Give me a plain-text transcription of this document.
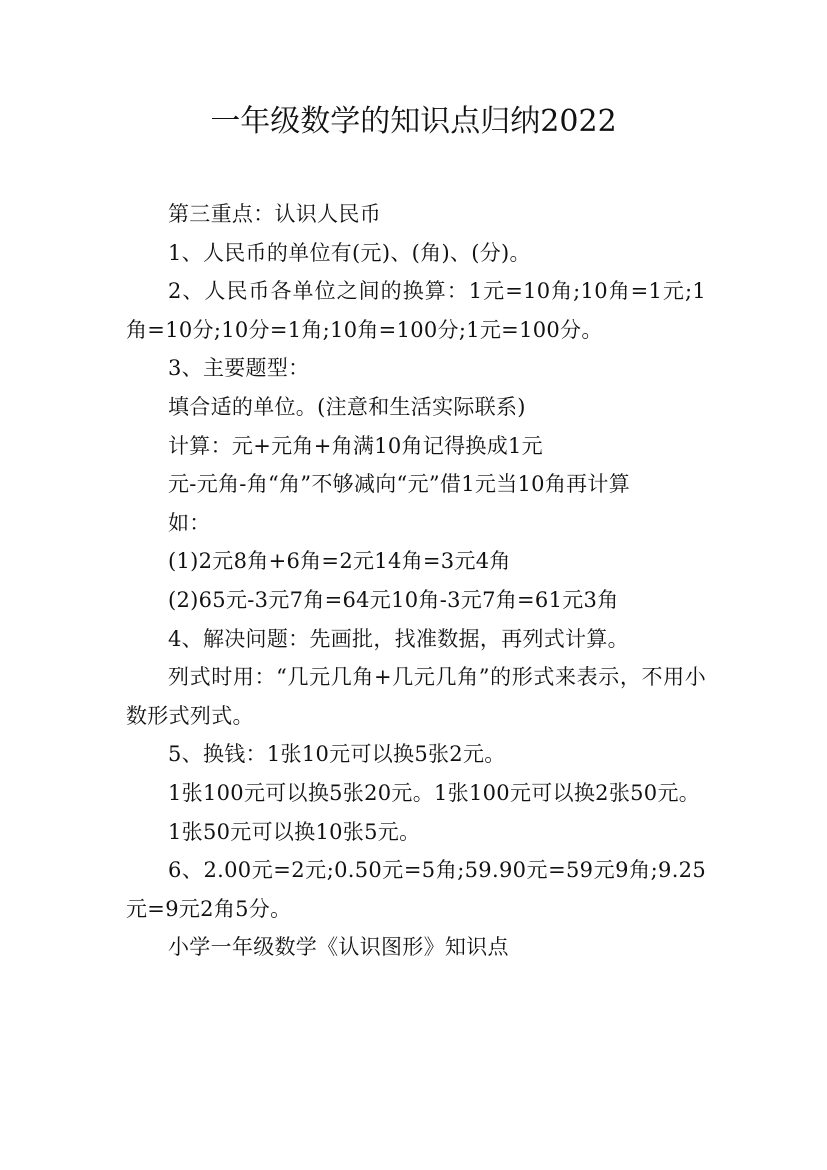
一年级数学的知识点归纳2022

第三重点：认识人民币

1、人民币的单位有(元)、(角)、(分)。

2、人民币各单位之间的换算：1元=10角;10角=1元;1角=10分;10分=1角;10角=100分;1元=100分。

3、主要题型：

填合适的单位。(注意和生活实际联系)

计算：元+元角+角满10角记得换成1元

元-元角-角“角”不够减向“元”借1元当10角再计算

如：

(1)2元8角+6角=2元14角=3元4角

(2)65元-3元7角=64元10角-3元7角=61元3角

4、解决问题：先画批，找准数据，再列式计算。

列式时用：“几元几角+几元几角”的形式来表示，不用小数形式列式。

5、换钱：1张10元可以换5张2元。

1张100元可以换5张20元。1张100元可以换2张50元。

1张50元可以换10张5元。

6、2.00元=2元;0.50元=5角;59.90元=59元9角;9.25元=9元2角5分。

小学一年级数学《认识图形》知识点
